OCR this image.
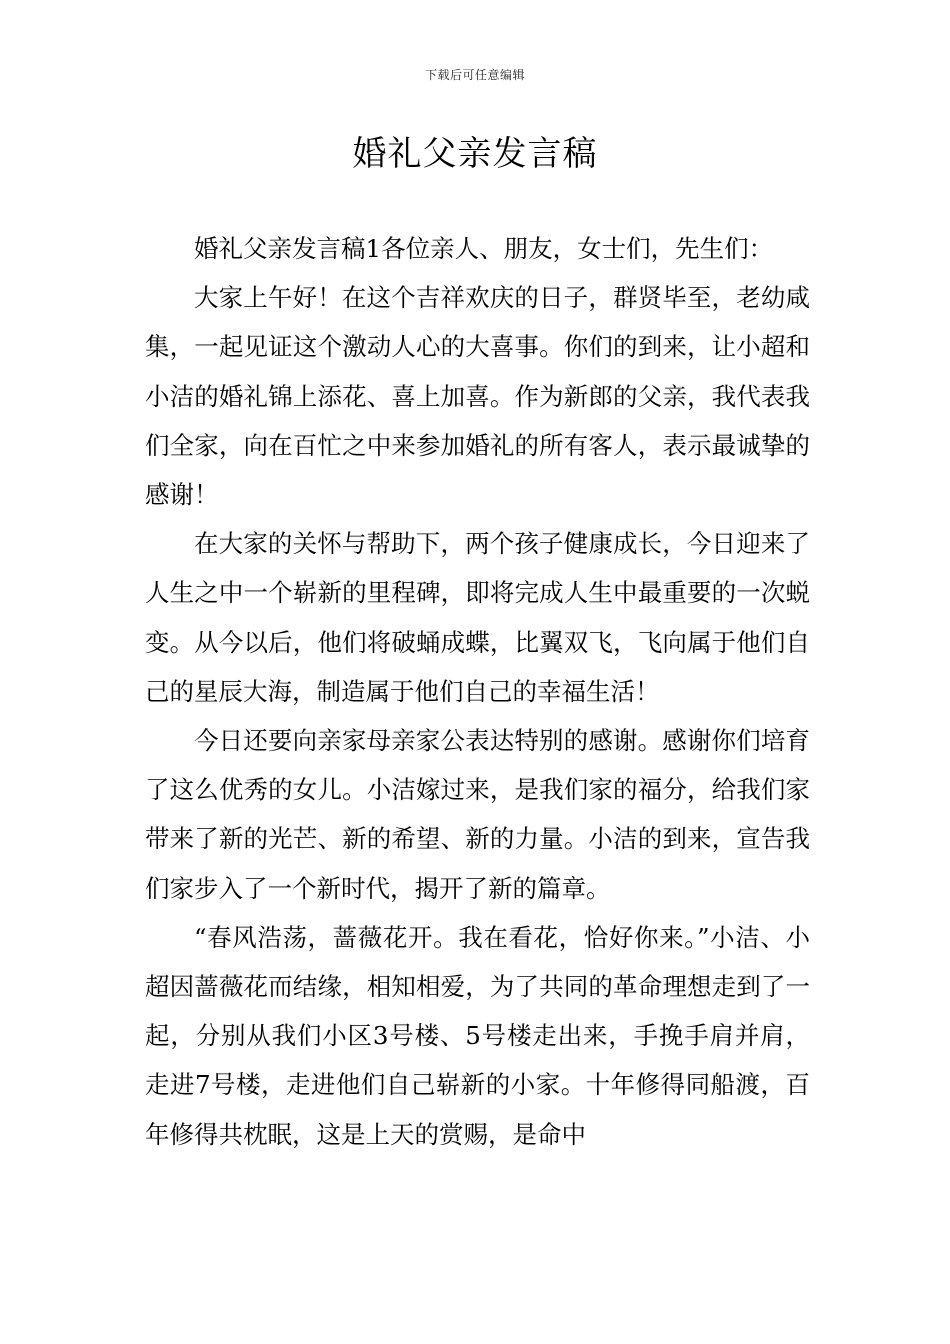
下载后可任意编辑
婚礼父亲发言稿

婚礼父亲发言稿1各位亲人、朋友，女士们，先生们：

大家上午好！在这个吉祥欢庆的日子，群贤毕至，老幼咸集，一起见证这个激动人心的大喜事。你们的到来，让小超和小洁的婚礼锦上添花、喜上加喜。作为新郎的父亲，我代表我们全家，向在百忙之中来参加婚礼的所有客人，表示最诚挚的感谢！

在大家的关怀与帮助下，两个孩子健康成长，今日迎来了人生之中一个崭新的里程碑，即将完成人生中最重要的一次蜕变。从今以后，他们将破蛹成蝶，比翼双飞，飞向属于他们自己的星辰大海，制造属于他们自己的幸福生活！

今日还要向亲家母亲家公表达特别的感谢。感谢你们培育了这么优秀的女儿。小洁嫁过来，是我们家的福分，给我们家带来了新的光芒、新的希望、新的力量。小洁的到来，宣告我们家步入了一个新时代，揭开了新的篇章。

“春风浩荡，蔷薇花开。我在看花，恰好你来。”小洁、小超因蔷薇花而结缘，相知相爱，为了共同的革命理想走到了一起，分别从我们小区3号楼、5号楼走出来，手挽手肩并肩，走进7号楼，走进他们自己崭新的小家。十年修得同船渡，百年修得共枕眠，这是上天的赏赐，是命中
